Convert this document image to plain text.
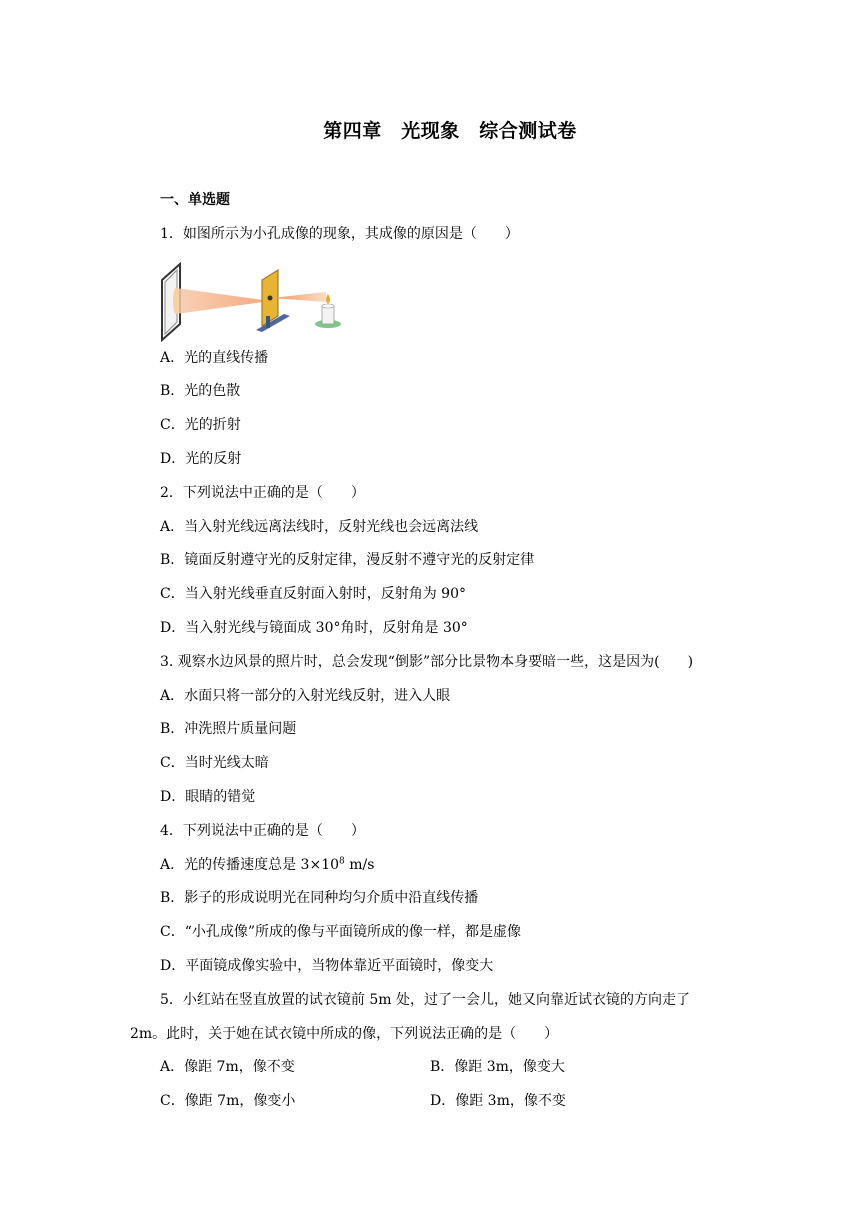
第四章　光现象　综合测试卷
一、单选题
1．如图所示为小孔成像的现象，其成像的原因是（　　）
A．光的直线传播
B．光的色散
C．光的折射
D．光的反射
2．下列说法中正确的是（　　）
A．当入射光线远离法线时，反射光线也会远离法线
B．镜面反射遵守光的反射定律，漫反射不遵守光的反射定律
C．当入射光线垂直反射面入射时，反射角为 90°
D．当入射光线与镜面成 30°角时，反射角是 30°
3. 观察水边风景的照片时，总会发现“倒影”部分比景物本身要暗一些，这是因为(　　)
A．水面只将一部分的入射光线反射，进入人眼
B．冲洗照片质量问题
C．当时光线太暗
D．眼睛的错觉
4．下列说法中正确的是（　　）
A．光的传播速度总是 $3\times 10^8$ m/s
B．影子的形成说明光在同种均匀介质中沿直线传播
C．“小孔成像”所成的像与平面镜所成的像一样，都是虚像
D．平面镜成像实验中，当物体靠近平面镜时，像变大
5．小红站在竖直放置的试衣镜前 5m 处，过了一会儿，她又向靠近试衣镜的方向走了
2m。此时，关于她在试衣镜中所成的像，下列说法正确的是（　　）
A．像距 7m，像不变	B．像距 3m，像变大
C．像距 7m，像变小	D．像距 3m，像不变
